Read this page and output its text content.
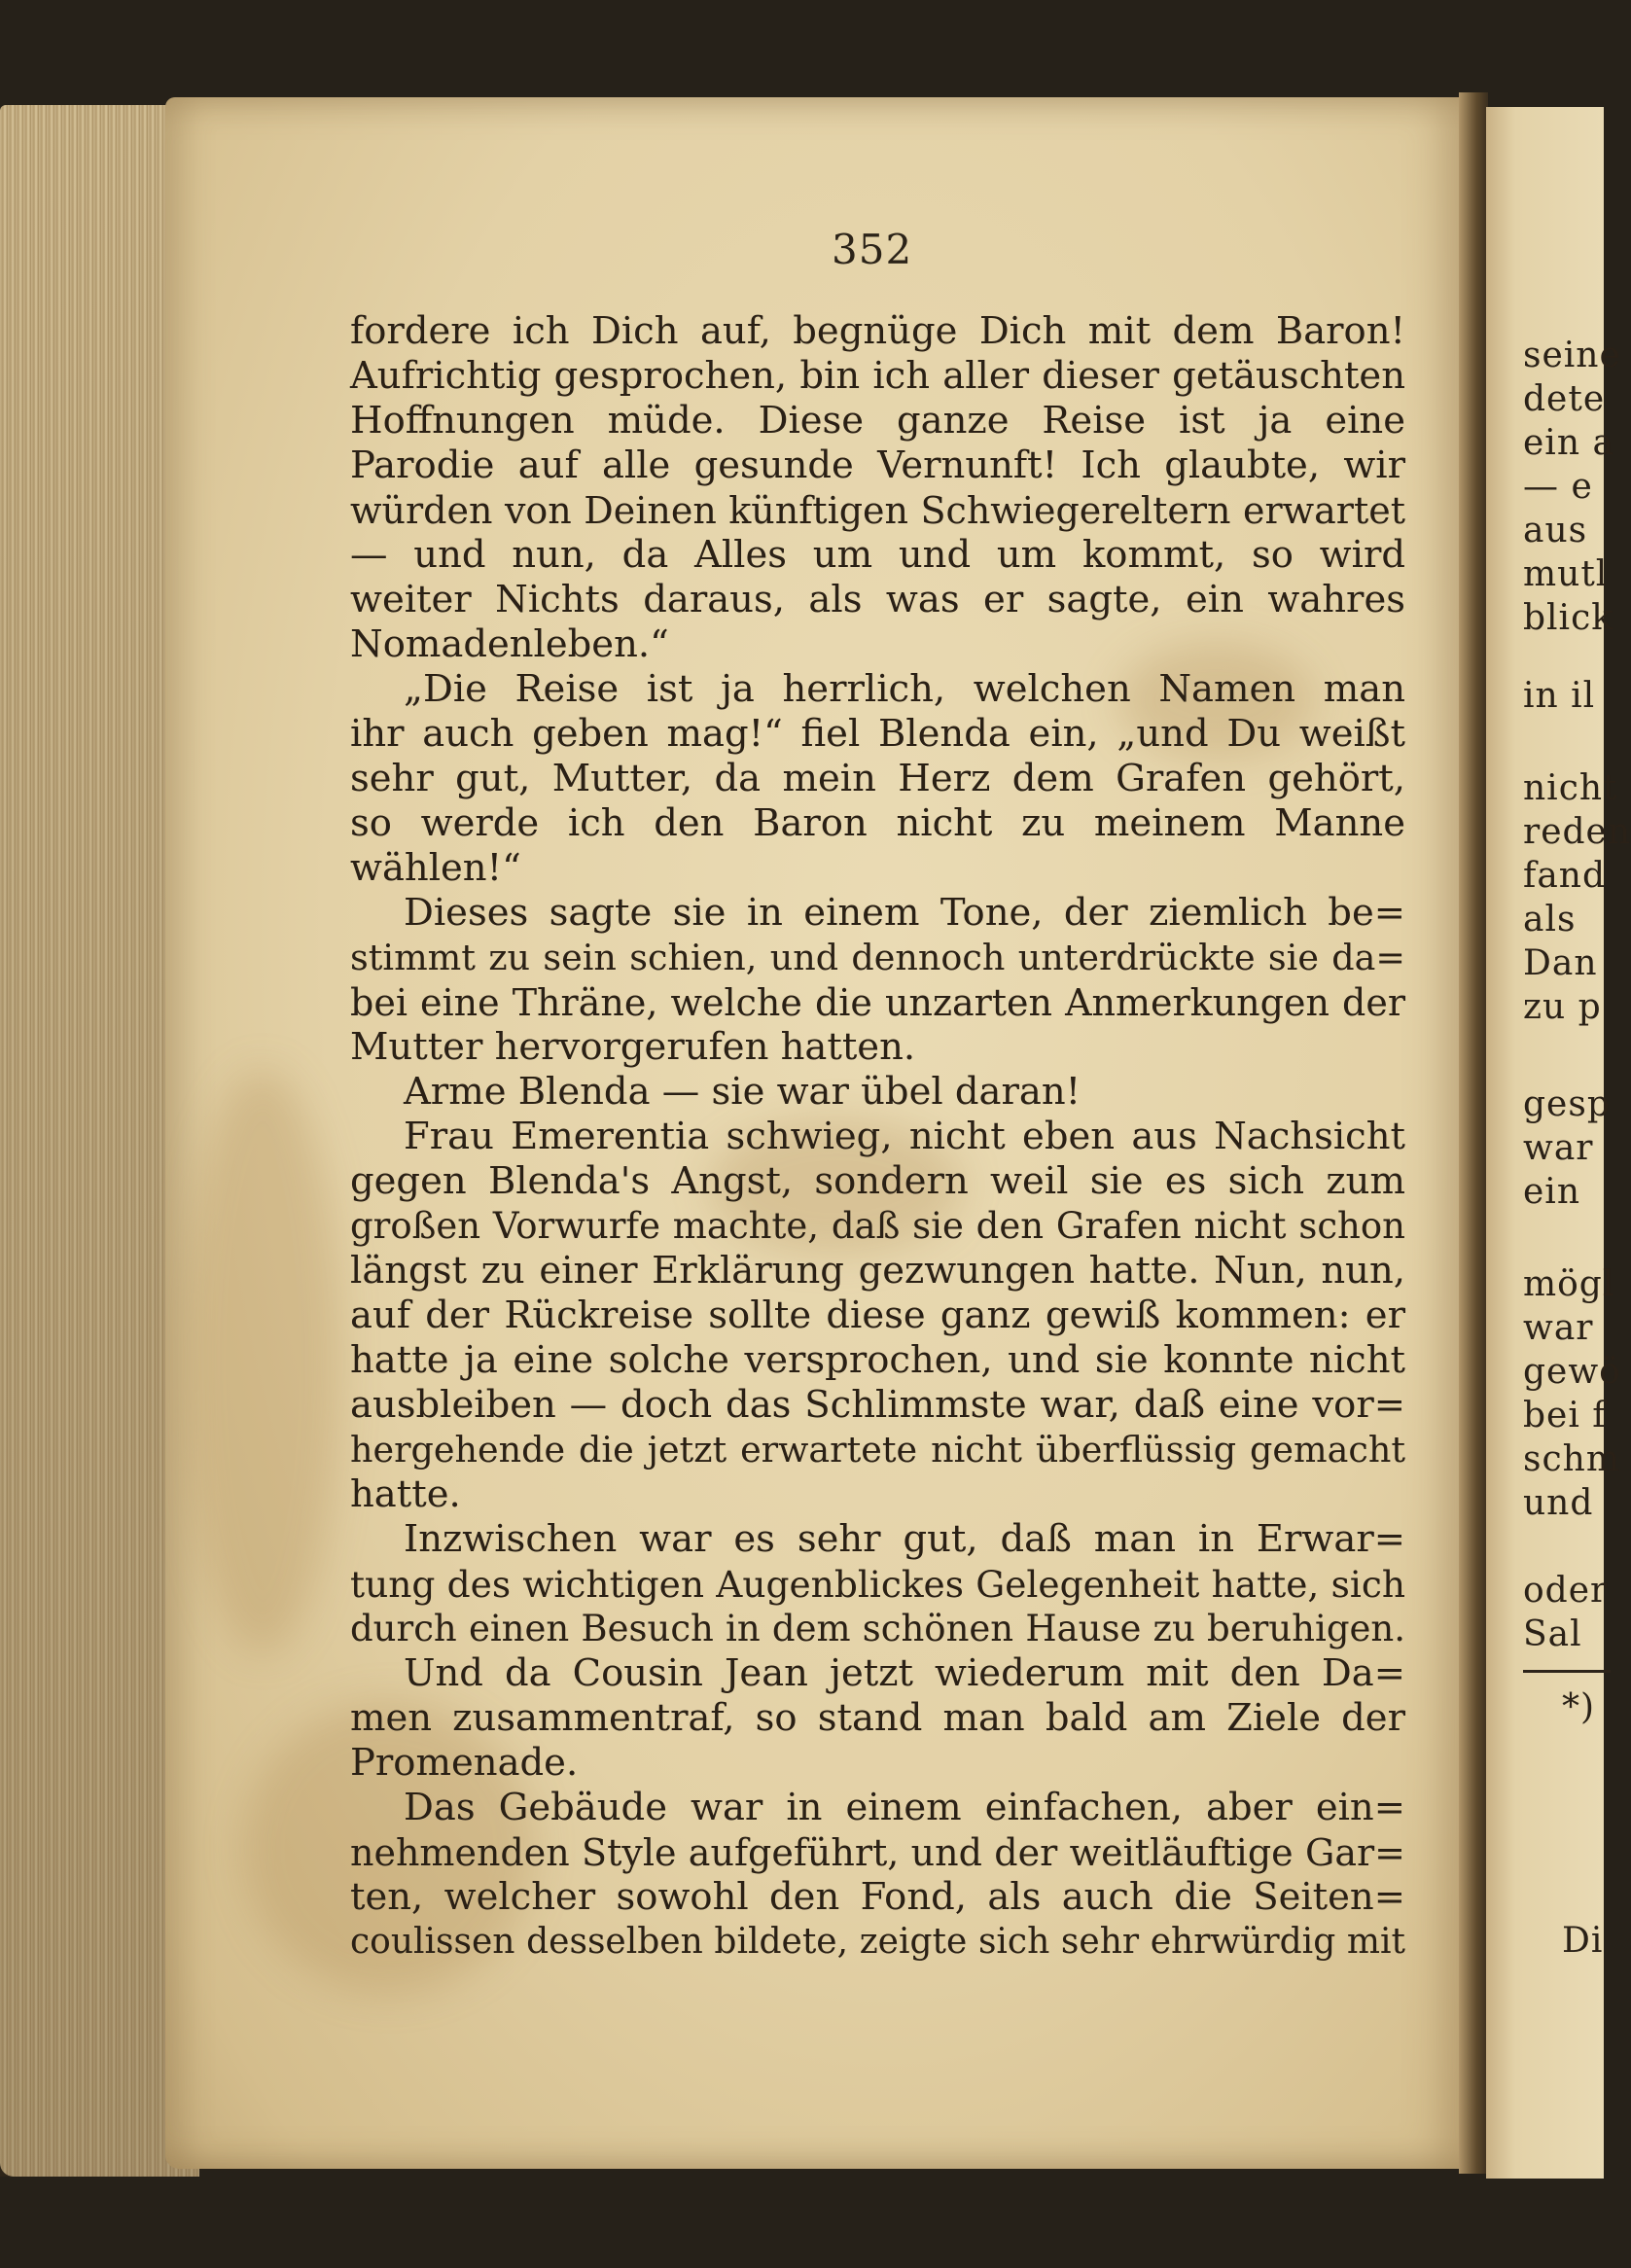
seine
dete
ein a
— e
aus
mutl
blick
in il
nicht
reden
fand
als
Dan
zu p
gesp
war
ein
mögl
war
gewö
bei f
schm
und
oder
Sal
*)
Di
352
fordere ich Dich auf, begnüge Dich mit dem Baron!
Aufrichtig gesprochen, bin ich aller dieser getäuschten
Hoffnungen müde. Diese ganze Reise ist ja eine
Parodie auf alle gesunde Vernunft! Ich glaubte, wir
würden von Deinen künftigen Schwiegereltern erwartet
— und nun, da Alles um und um kommt, so wird
weiter Nichts daraus, als was er sagte, ein wahres
Nomadenleben.“
„Die Reise ist ja herrlich, welchen Namen man
ihr auch geben mag!“ fiel Blenda ein, „und Du weißt
sehr gut, Mutter, da mein Herz dem Grafen gehört,
so werde ich den Baron nicht zu meinem Manne
wählen!“
Dieses sagte sie in einem Tone, der ziemlich be=
stimmt zu sein schien, und dennoch unterdrückte sie da=
bei eine Thräne, welche die unzarten Anmerkungen der
Mutter hervorgerufen hatten.
Arme Blenda — sie war übel daran!
Frau Emerentia schwieg, nicht eben aus Nachsicht
gegen Blenda's Angst, sondern weil sie es sich zum
großen Vorwurfe machte, daß sie den Grafen nicht schon
längst zu einer Erklärung gezwungen hatte. Nun, nun,
auf der Rückreise sollte diese ganz gewiß kommen: er
hatte ja eine solche versprochen, und sie konnte nicht
ausbleiben — doch das Schlimmste war, daß eine vor=
hergehende die jetzt erwartete nicht überflüssig gemacht
hatte.
Inzwischen war es sehr gut, daß man in Erwar=
tung des wichtigen Augenblickes Gelegenheit hatte, sich
durch einen Besuch in dem schönen Hause zu beruhigen.
Und da Cousin Jean jetzt wiederum mit den Da=
men zusammentraf, so stand man bald am Ziele der
Promenade.
Das Gebäude war in einem einfachen, aber ein=
nehmenden Style aufgeführt, und der weitläuftige Gar=
ten, welcher sowohl den Fond, als auch die Seiten=
coulissen desselben bildete, zeigte sich sehr ehrwürdig mit
